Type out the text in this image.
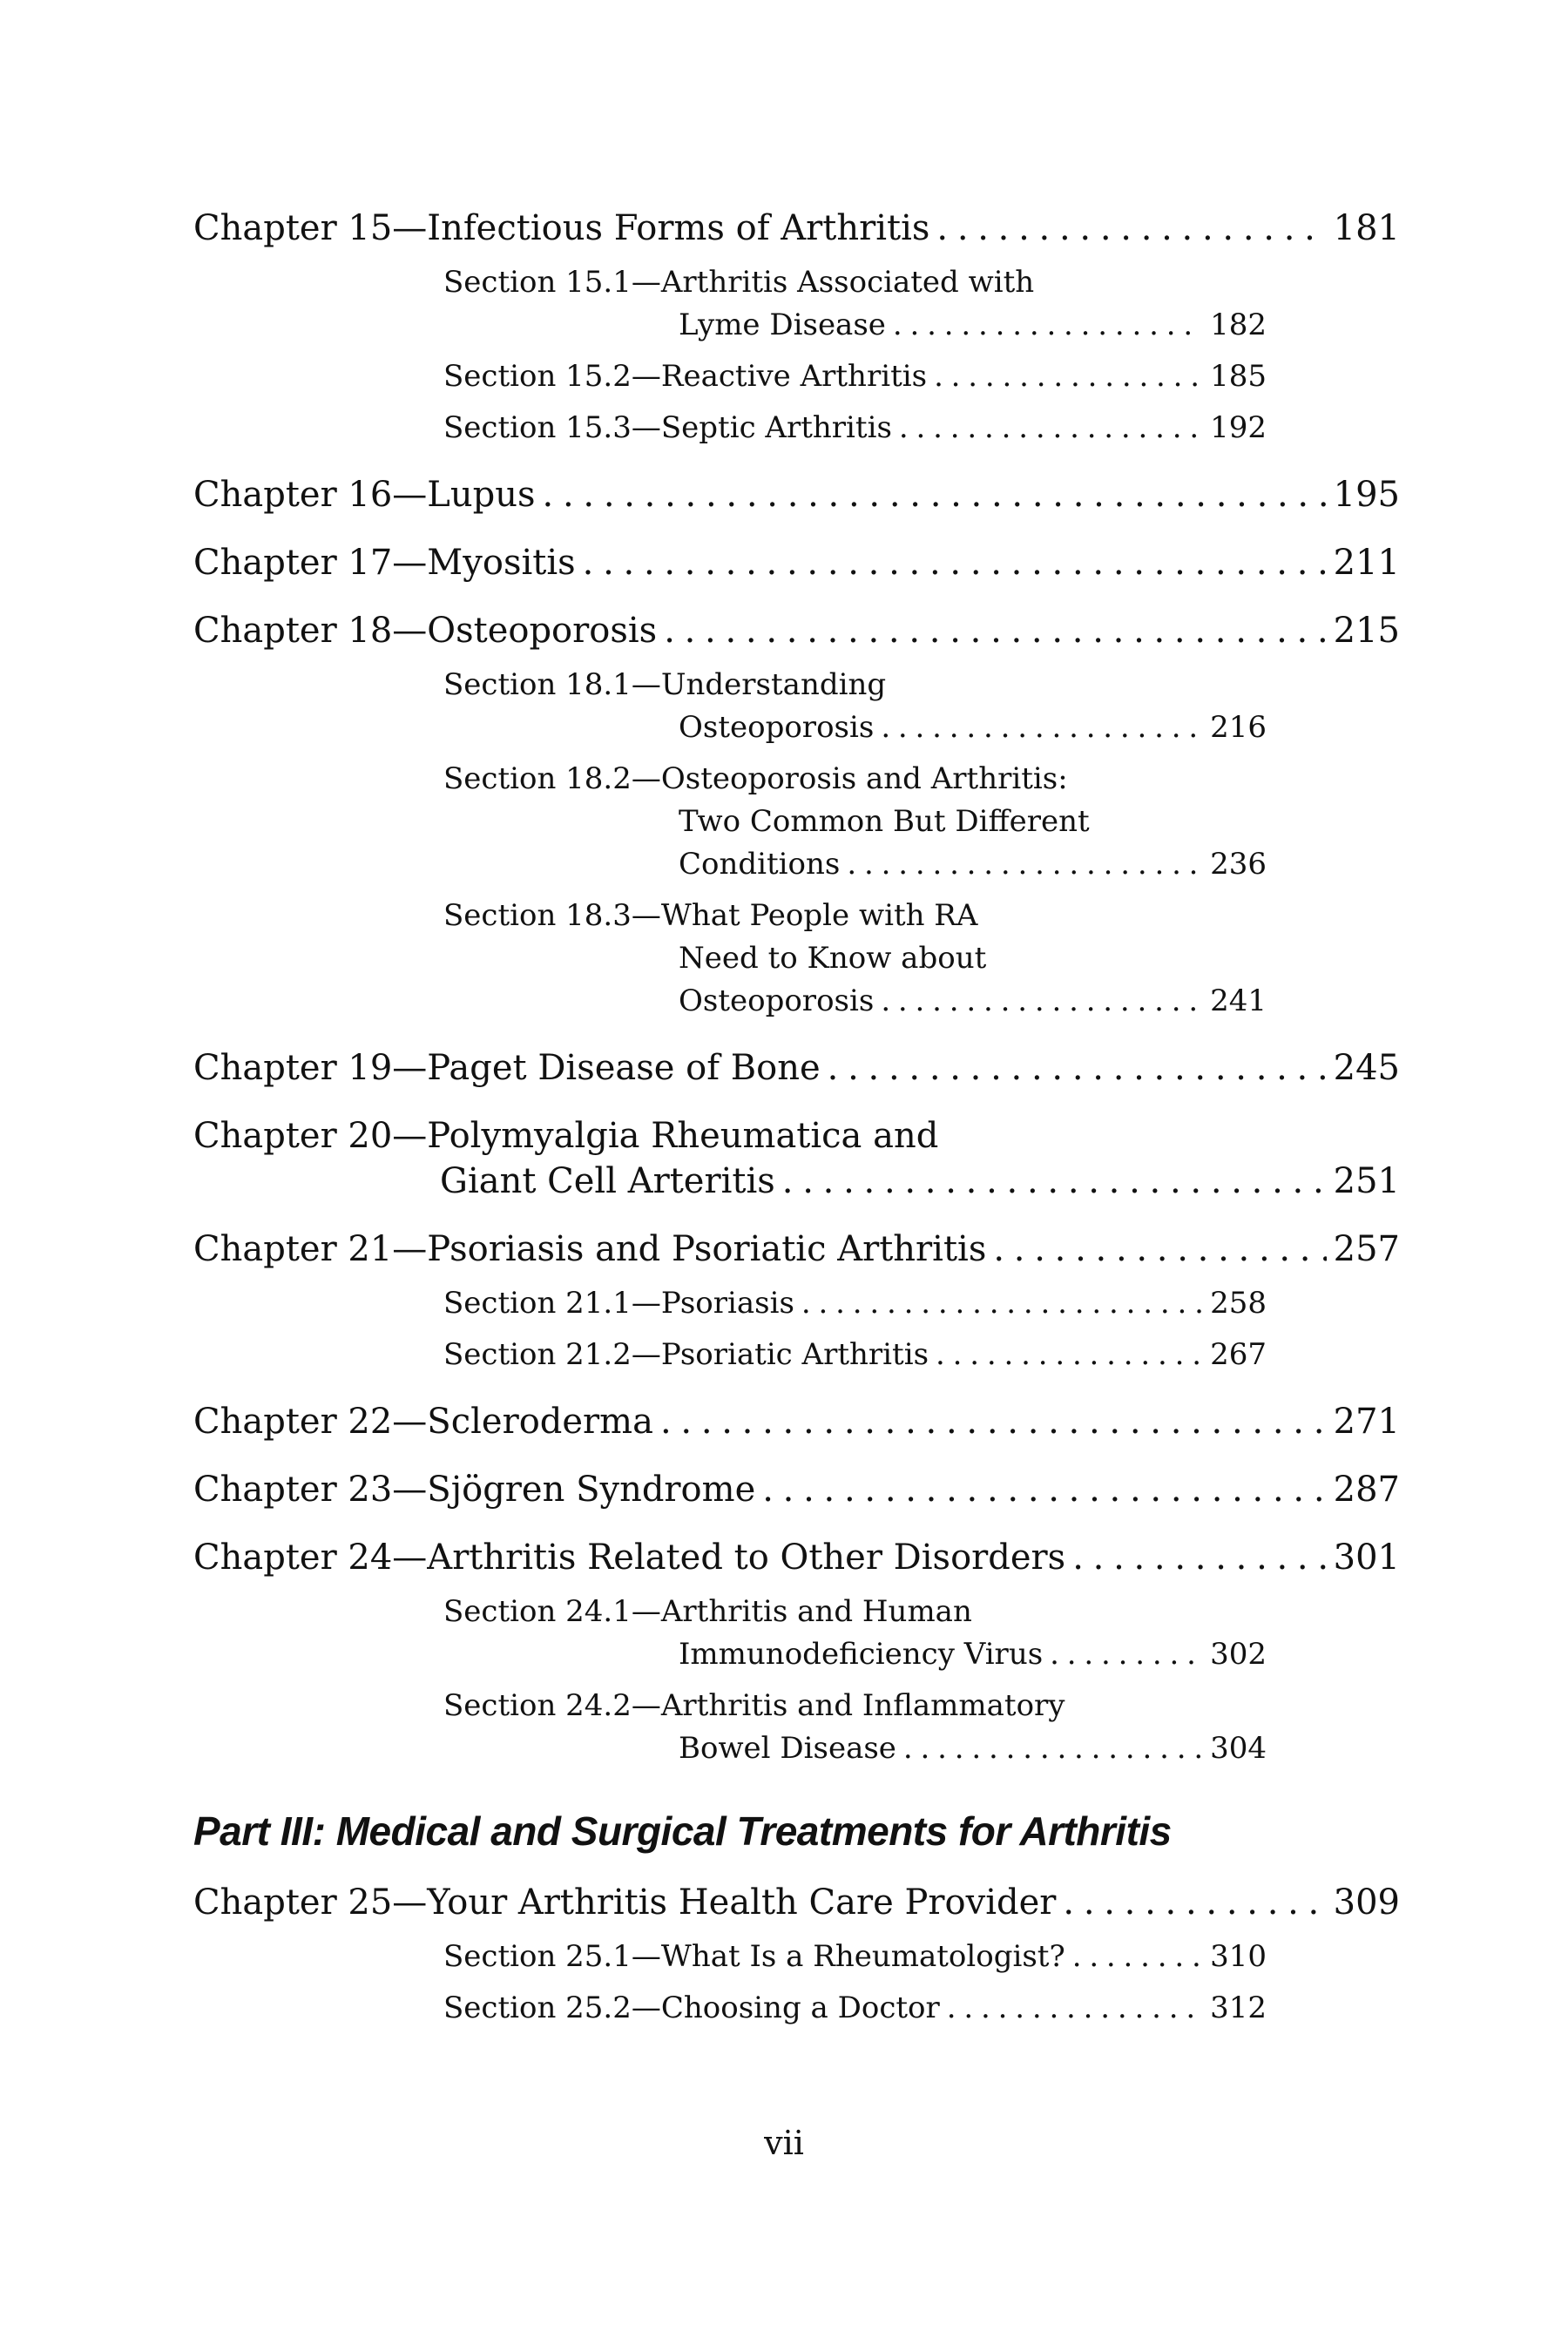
Chapter 15—Infectious Forms of Arthritis . . .	181
Section 15.1—Arthritis Associated with
Lyme Disease . . .	182
Section 15.2—Reactive Arthritis . . .	185
Section 15.3—Septic Arthritis . . .	192
Chapter 16—Lupus . . .	195
Chapter 17—Myositis . . .	211
Chapter 18—Osteoporosis . . .	215
Section 18.1—Understanding
Osteoporosis . . .	216
Section 18.2—Osteoporosis and Arthritis:
Two Common But Different
Conditions . . .	236
Section 18.3—What People with RA
Need to Know about
Osteoporosis . . .	241
Chapter 19—Paget Disease of Bone . . .	245
Chapter 20—Polymyalgia Rheumatica and
Giant Cell Arteritis . . .	251
Chapter 21—Psoriasis and Psoriatic Arthritis . . .	257
Section 21.1—Psoriasis . . .	258
Section 21.2—Psoriatic Arthritis . . .	267
Chapter 22—Scleroderma . . .	271
Chapter 23—Sjögren Syndrome . . .	287
Chapter 24—Arthritis Related to Other Disorders . . .	301
Section 24.1—Arthritis and Human
Immunodeficiency Virus . . .	302
Section 24.2—Arthritis and Inflammatory
Bowel Disease . . .	304
Part III: Medical and Surgical Treatments for Arthritis
Chapter 25—Your Arthritis Health Care Provider . . .	309
Section 25.1—What Is a Rheumatologist? . . .	310
Section 25.2—Choosing a Doctor . . .	312
vii
